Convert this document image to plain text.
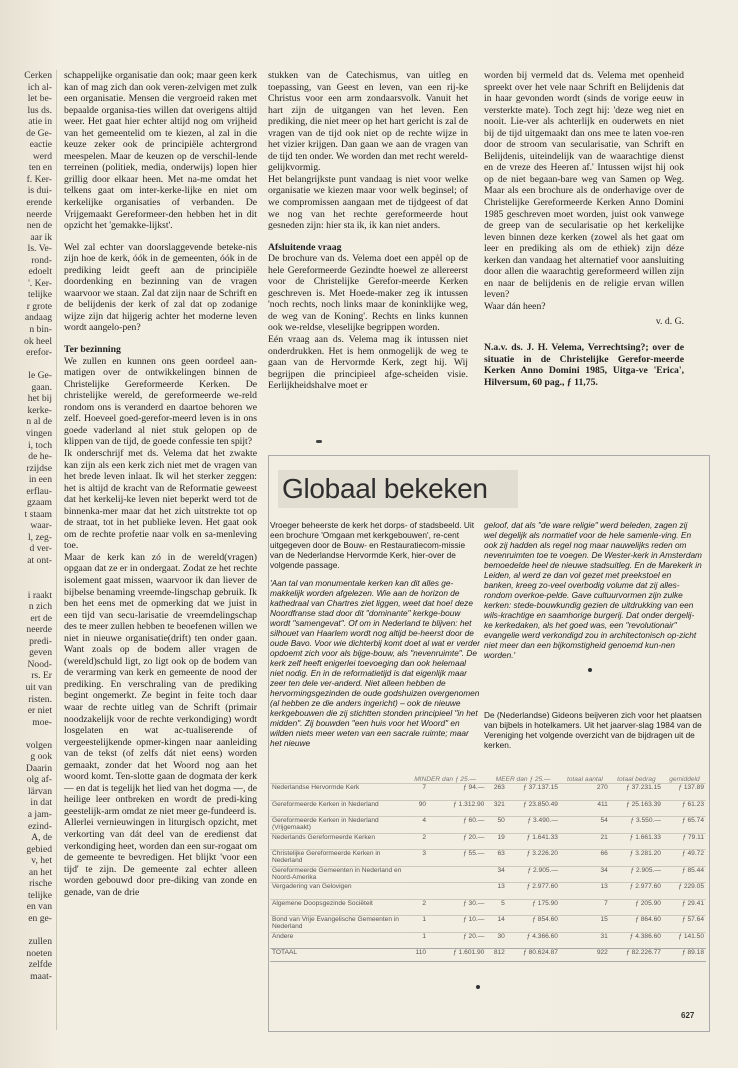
Cerken
ich al-
let be-
lus ds.
atie in
de Ge-
eactie
werd
ten en
f. Ker-
is dui-
erende
neerde
nen de
aar ik
ls. Ve-
rond-
edoelt
'. Ker-
telijke
r grote
andaag
n bin-
ok heel
erefor-
le Ge-
gaan.
het bij
kerke-
n al de
vingen
i, toch
de he-
rzijdse
in een
erflau-
gzaam
t staam
waar-
l, zeg-
d ver-
at ont-
i raakt
n zich
ert de
neerde
predi-
geven
Nood-
rs. Er
uit van
risten.
er niet
moe-
volgen
g ook
Daarin
olg af-
lärvan
in dat
a jam-
ezind-
A, de
gebied
v, het
an het
rische
telijke
en van
en ge-
zullen
noeten
zelfde
maat-

schappelijke organisatie dan ook; maar geen kerk kan of mag zich dan ook veren-zelvigen met zulk een organisatie. Mensen die vergroeid raken met bepaalde organisa-ties willen dat overigens altijd weer. Het gaat hier echter altijd nog om vrijheid van het gemeentelid om te kiezen, al zal in die keuze zeker ook de principiële achtergrond meespelen. Maar de keuzen op de verschil-lende terreinen (politiek, media, onderwijs) lopen hier grillig door elkaar heen. Met na-me omdat het telkens gaat om inter-kerke-lijke en niet om kerkelijke organisaties of verbanden. De Vrijgemaakt Gereformeer-den hebben het in dit opzicht het 'gemakke-lijkst'.

Wel zal echter van doorslaggevende beteke-nis zijn hoe de kerk, óók in de gemeenten, óók in de prediking leidt geeft aan de principiële doordenking en bezinning van de vragen waarvoor we staan. Zal dat zijn naar de Schrift en de belijdenis der kerk of zal dat op zodanige wijze zijn dat hijgerig achter het moderne leven wordt aangelo-pen?

Ter bezinning

We zullen en kunnen ons geen oordeel aan-matigen over de ontwikkelingen binnen de Christelijke Gereformeerde Kerken. De christelijke wereld, de gereformeerde we-reld rondom ons is veranderd en daartoe behoren we zelf. Hoeveel goed-gerefor-meerd leven is in ons goede vaderland al niet stuk gelopen op de klippen van de tijd, de goede confessie ten spijt?

Ik onderschrijf met ds. Velema dat het zwakte kan zijn als een kerk zich niet met de vragen van het brede leven inlaat. Ik wil het sterker zeggen: het is altijd de kracht van de Reformatie geweest dat het kerkelij-ke leven niet beperkt werd tot de binnenka-mer maar dat het zich uitstrekte tot op de straat, tot in het publieke leven. Het gaat ook om de rechte profetie naar volk en sa-menleving toe.

Maar de kerk kan zó in de wereld(vragen) opgaan dat ze er in ondergaat. Zodat ze het rechte isolement gaat missen, waarvoor ik dan liever de bijbelse benaming vreemde-lingschap gebruik. Ik ben het eens met de opmerking dat we juist in een tijd van secu-larisatie de vreemdelingschap des te meer zullen hebben te beoefenen willen we niet in nieuwe organisatie(drift) ten onder gaan. Want zoals op de bodem aller vragen de (wereld)schuld ligt, zo ligt ook op de bodem van de verarming van kerk en gemeente de nood der prediking. En verschraling van de prediking begint ongemerkt. Ze begint in feite toch daar waar de rechte uitleg van de Schrift (primair noodzakelijk voor de rechte verkondiging) wordt losgelaten en wat ac-tualiserende of vergeestelijkende opmer-kingen naar aanleiding van de tekst (of zelfs dát niet eens) worden gemaakt, zonder dat het Woord nog aan het woord komt. Ten-slotte gaan de dogmata der kerk — en dat is tegelijk het lied van het dogma —, de heilige leer ontbreken en wordt de predi-king geestelijk-arm omdat ze niet meer ge-fundeerd is.

Allerlei vernieuwingen in liturgisch opzicht, met verkorting van dát deel van de eredienst dat verkondiging heet, worden dan een sur-rogaat om de gemeente te bevredigen. Het blijkt 'voor een tijd' te zijn. De gemeente zal echter alleen worden gebouwd door pre-diking van zonde en genade, van de drie

stukken van de Catechismus, van uitleg en toepassing, van Geest en leven, van een rij-ke Christus voor een arm zondaarsvolk. Vanuit het hart zijn de uitgangen van het leven. Een prediking, die niet meer op het hart gericht is zal de vragen van de tijd ook niet op de rechte wijze in het vizier krijgen. Dan gaan we aan de vragen van de tijd ten onder. We worden dan met recht wereld-gelijkvormig.

Het belangrijkste punt vandaag is niet voor welke organisatie we kiezen maar voor welk beginsel; of we compromissen aangaan met de tijdgeest of dat we nog van het rechte gereformeerde hout gesneden zijn: hier sta ik, ik kan niet anders.

Afsluitende vraag

De brochure van ds. Velema doet een appèl op de hele Gereformeerde Gezindte hoewel ze allereerst voor de Christelijke Gerefor-meerde Kerken geschreven is. Met Hoede-maker zeg ik intussen 'noch rechts, noch links maar de koninklijke weg, de weg van de Koning'. Rechts en links kunnen ook we-reldse, vleselijke begrippen worden.

Eén vraag aan ds. Velema mag ik intussen niet onderdrukken. Het is hem onmogelijk de weg te gaan van de Hervormde Kerk, zegt hij. Wij begrijpen die principieel afge-scheiden visie. Eerlijkheidshalve moet er

worden bij vermeld dat ds. Velema met openheid spreekt over het vele naar Schrift en Belijdenis dat in haar gevonden wordt (sinds de vorige eeuw in versterkte mate). Toch zegt hij: 'deze weg niet en nooit. Lie-ver als achterlijk en ouderwets en niet bij de tijd uitgemaakt dan ons mee te laten voe-ren door de stroom van secularisatie, van Schrift en Belijdenis, uiteindelijk van de waarachtige dienst en de vreze des Heeren af.' Intussen wijst hij ook op de niet begaan-bare weg van Samen op Weg. Maar als een brochure als de onderhavige over de Christelijke Gereformeerde Kerken Anno Domini 1985 geschreven moet worden, juist ook vanwege de greep van de secularisatie op het kerkelijke leven binnen deze kerken (zowel als het gaat om leer en prediking als om de ethiek) zijn déze kerken dan vandaag het alternatief voor aansluiting door allen die waarachtig gereformeerd willen zijn en naar de belijdenis en de religie ervan willen leven?

Waar dán heen?

v. d. G.

N.a.v. ds. J. H. Velema, Verrechtsing?; over de situatie in de Christelijke Gerefor-meerde Kerken Anno Domini 1985, Uitga-ve 'Erica', Hilversum, 60 pag., ƒ 11,75.

Globaal bekeken
Vroeger beheerste de kerk het dorps- of stadsbeeld. Uit een brochure 'Omgaan met kerkgebouwen', re-cent uitgegeven door de Bouw- en Restauratiecom-missie van de Nederlandse Hervormde Kerk, hier-over de volgende passage.
'Aan tal van monumentale kerken kan dit alles ge-makkelijk worden afgelezen. Wie aan de horizon de kathedraal van Chartres ziet liggen, weet dat hoe! deze Noordfranse stad door dit "dominante" kerkge-bouw wordt "samengevat". Of om in Nederland te blijven: het silhouet van Haarlem wordt nog altijd be-heerst door de oude Bavo. Voor wie dichterbij komt doet al wat er verder opdoemt zich voor als bijge-bouw, als "nevenruimte". De kerk zelf heeft enigerlei toevoeging dan ook helemaal niet nodig. En in de reformatietijd is dat eigenlijk maar zeer ten dele ver-anderd. Niet alleen hebben de hervormingsgezinden de oude godshuizen overgenomen (al hebben ze die anders ingericht) – ook de nieuwe kerkgebouwen die zij stichtten stonden principieel "in het midden". Zij bouwden "een huis voor het Woord" en wilden niets meer weten van een sacrale ruimte; maar het nieuwe
geloof, dat als "de ware religie" werd beleden, zagen zij wel degelijk als normatief voor de hele samenle-ving. En ook zij hadden als regel nog maar nauwelijks reden om nevenruimten toe te voegen. De Wester-kerk in Amsterdam bemoedelde heel de nieuwe stadsuitleg. En de Marekerk in Leiden, al werd ze dan vol gezet met preekstoel en banken, kreeg zo-veel overbodig volume dat zij alles-rondom overkoe-pelde. Gave cultuurvormen zijn zulke kerken: stede-bouwkundig gezien de uitdrukking van een wils-krachtige en saamhorige burgerij. Dat onder dergelij-ke kerkedaken, als het goed was, een "revolutionair" evangelie werd verkondigd zou in architectonisch op-zicht niet meer dan een bijkomstigheid genoemd kun-nen worden.'
De (Nederlandse) Gideons beijveren zich voor het plaatsen van bijbels in hotelkamers. Uit het jaarver-slag 1984 van de Vereniging het volgende overzicht van de bijdragen uit de kerken.
	MINDER dan ƒ 25.—		MEER dan ƒ 25.—		totaal aantal	totaal bedrag	gemiddeld
Nederlandse Hervormde Kerk	7	ƒ 94.—	263	ƒ 37.137.15	270	ƒ 37.231.15	ƒ 137.89
Gereformeerde Kerken in Nederland	90	ƒ 1.312.90	321	ƒ 23.850.49	411	ƒ 25.163.39	ƒ 61.23
Gereformeerde Kerken in Nederland (Vrijgemaakt)	4	ƒ 60.—	50	ƒ 3.490.—	54	ƒ 3.550.—	ƒ 65.74
Nederlands Gereformeerde Kerken	2	ƒ 20.—	19	ƒ 1.641.33	21	ƒ 1.661.33	ƒ 79.11
Christelijke Gereformeerde Kerken in Nederland	3	ƒ 55.—	63	ƒ 3.226.20	66	ƒ 3.281.20	ƒ 49.72
Gereformeerde Gemeenten in Nederland en Noord-Amerika			34	ƒ 2.905.—	34	ƒ 2.905.—	ƒ 85.44
Vergadering van Gelovigen			13	ƒ 2.977.60	13	ƒ 2.977.60	ƒ 229.05
Algemene Doopsgezinde Sociëteit	2	ƒ 30.—	5	ƒ 175.90	7	ƒ 205.90	ƒ 29.41
Bond van Vrije Evangelische Gemeenten in Nederland	1	ƒ 10.—	14	ƒ 854.60	15	ƒ 864.60	ƒ 57.64
Andere	1	ƒ 20.—	30	ƒ 4.366.60	31	ƒ 4.386.60	ƒ 141.50
TOTAAL	110	ƒ 1.601.90	812	ƒ 80.624.87	922	ƒ 82.226.77	ƒ 89.18
627
